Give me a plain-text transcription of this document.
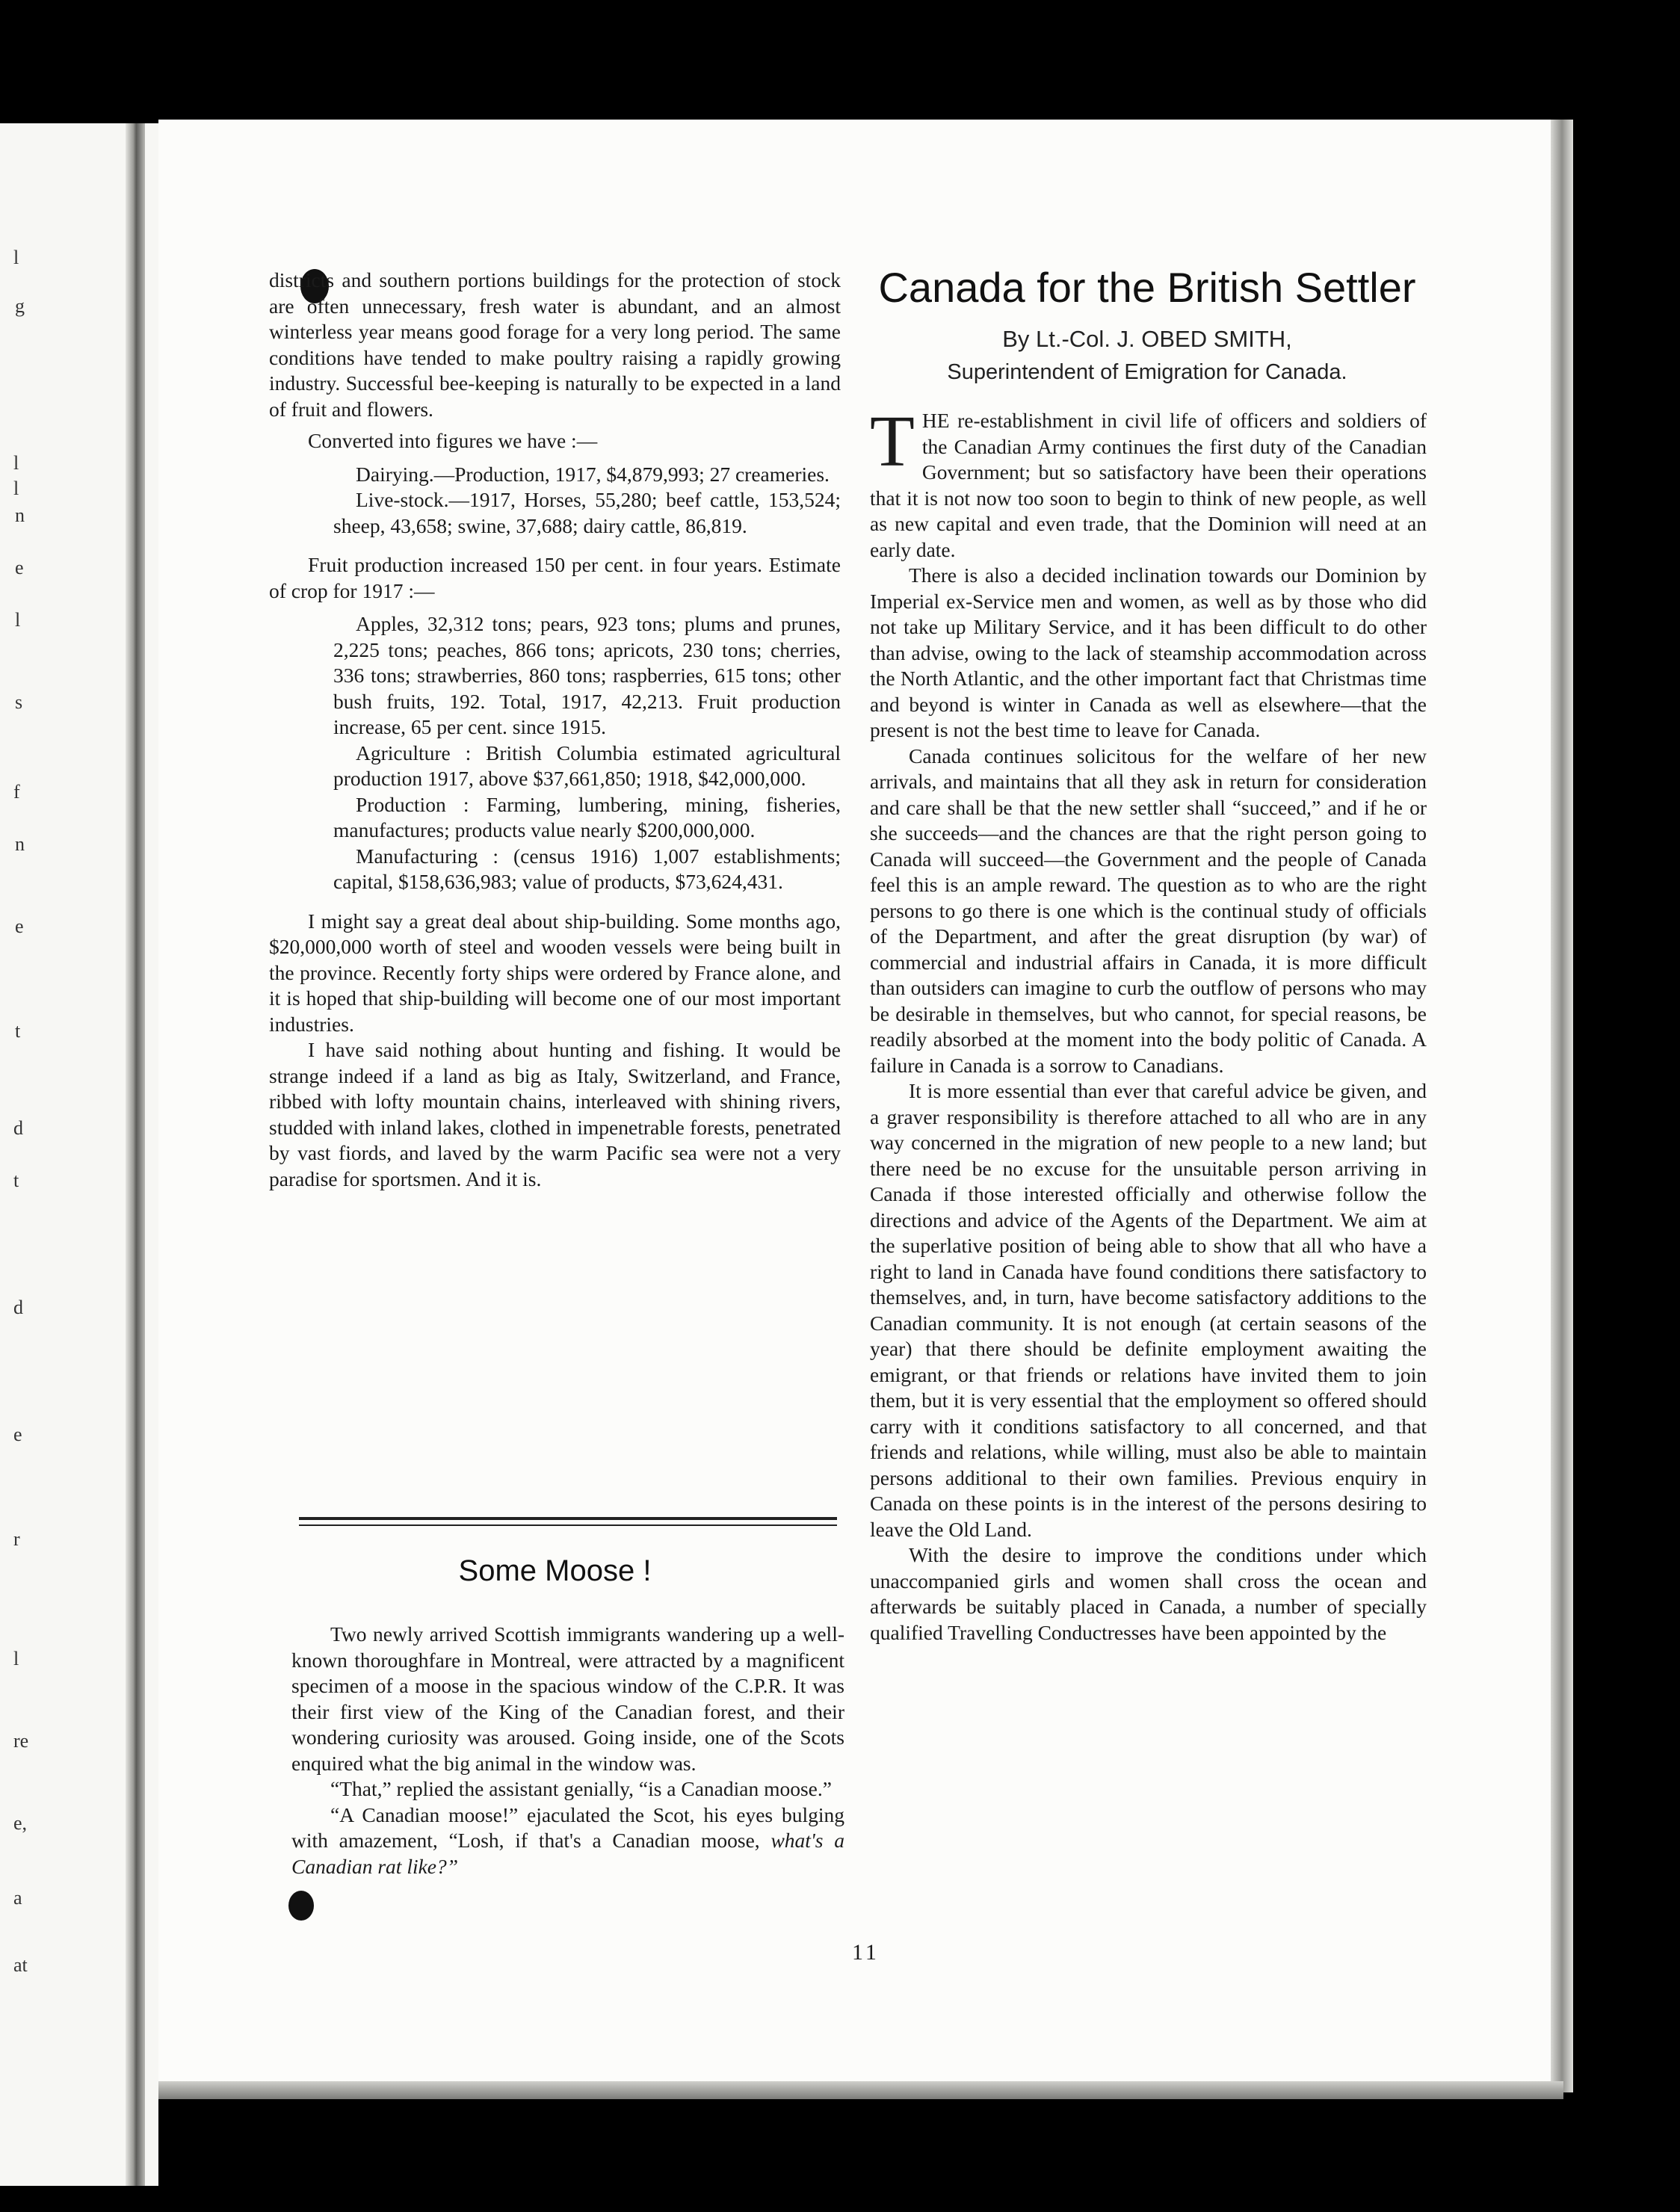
l
g
l
l
n
e
l
s
f
n
e
t
d
t
d
e
r
l
re
e,
a
at

districts and southern portions buildings for the protection of stock are often unnecessary, fresh water is abundant, and an almost winterless year means good forage for a very long period. The same conditions have tended to make poultry raising a rapidly growing industry. Successful bee-keeping is naturally to be expected in a land of fruit and flowers.

Converted into figures we have :—

Dairying.—Production, 1917, $4,879,993; 27 creameries.

Live-stock.—1917, Horses, 55,280; beef cattle, 153,524; sheep, 43,658; swine, 37,688; dairy cattle, 86,819.

Fruit production increased 150 per cent. in four years. Estimate of crop for 1917 :—

Apples, 32,312 tons; pears, 923 tons; plums and prunes, 2,225 tons; peaches, 866 tons; apricots, 230 tons; cherries, 336 tons; strawberries, 860 tons; raspberries, 615 tons; other bush fruits, 192. Total, 1917, 42,213. Fruit production increase, 65 per cent. since 1915.

Agriculture : British Columbia estimated agricultural production 1917, above $37,661,850; 1918, $42,000,000.

Production : Farming, lumbering, mining, fisheries, manufactures; products value nearly $200,000,000.

Manufacturing : (census 1916) 1,007 establishments; capital, $158,636,983; value of products, $73,624,431.

I might say a great deal about ship-building. Some months ago, $20,000,000 worth of steel and wooden vessels were being built in the province. Recently forty ships were ordered by France alone, and it is hoped that ship-building will become one of our most important industries.

I have said nothing about hunting and fishing. It would be strange indeed if a land as big as Italy, Switzerland, and France, ribbed with lofty mountain chains, interleaved with shining rivers, studded with inland lakes, clothed in impenetrable forests, penetrated by vast fiords, and laved by the warm Pacific sea were not a very paradise for sportsmen. And it is.

Some Moose !

Two newly arrived Scottish immigrants wandering up a well-known thoroughfare in Montreal, were attracted by a magnificent specimen of a moose in the spacious window of the C.P.R. It was their first view of the King of the Canadian forest, and their wondering curiosity was aroused. Going inside, one of the Scots enquired what the big animal in the window was.

“That,” replied the assistant genially, “is a Canadian moose.”

“A Canadian moose!” ejaculated the Scot, his eyes bulging with amazement, “Losh, if that's a Canadian moose, what's a Canadian rat like?”

Canada for the British Settler
By Lt.-Col. J. OBED SMITH,
Superintendent of Emigration for Canada.

THE re-establishment in civil life of officers and soldiers of the Canadian Army continues the first duty of the Canadian Government; but so satisfactory have been their operations that it is not now too soon to begin to think of new people, as well as new capital and even trade, that the Dominion will need at an early date.

There is also a decided inclination towards our Dominion by Imperial ex-Service men and women, as well as by those who did not take up Military Service, and it has been difficult to do other than advise, owing to the lack of steamship accommodation across the North Atlantic, and the other important fact that Christmas time and beyond is winter in Canada as well as elsewhere—that the present is not the best time to leave for Canada.

Canada continues solicitous for the welfare of her new arrivals, and maintains that all they ask in return for consideration and care shall be that the new settler shall “succeed,” and if he or she succeeds—and the chances are that the right person going to Canada will succeed—the Government and the people of Canada feel this is an ample reward. The question as to who are the right persons to go there is one which is the continual study of officials of the Department, and after the great disruption (by war) of commercial and industrial affairs in Canada, it is more difficult than outsiders can imagine to curb the outflow of persons who may be desirable in themselves, but who cannot, for special reasons, be readily absorbed at the moment into the body politic of Canada. A failure in Canada is a sorrow to Canadians.

It is more essential than ever that careful advice be given, and a graver responsibility is therefore attached to all who are in any way concerned in the migration of new people to a new land; but there need be no excuse for the unsuitable person arriving in Canada if those interested officially and otherwise follow the directions and advice of the Agents of the Department. We aim at the superlative position of being able to show that all who have a right to land in Canada have found conditions there satisfactory to themselves, and, in turn, have become satisfactory additions to the Canadian community. It is not enough (at certain seasons of the year) that there should be definite employment awaiting the emigrant, or that friends or relations have invited them to join them, but it is very essential that the employment so offered should carry with it conditions satisfactory to all concerned, and that friends and relations, while willing, must also be able to maintain persons additional to their own families. Previous enquiry in Canada on these points is in the interest of the persons desiring to leave the Old Land.

With the desire to improve the conditions under which unaccompanied girls and women shall cross the ocean and afterwards be suitably placed in Canada, a number of specially qualified Travelling Conductresses have been appointed by the

11
